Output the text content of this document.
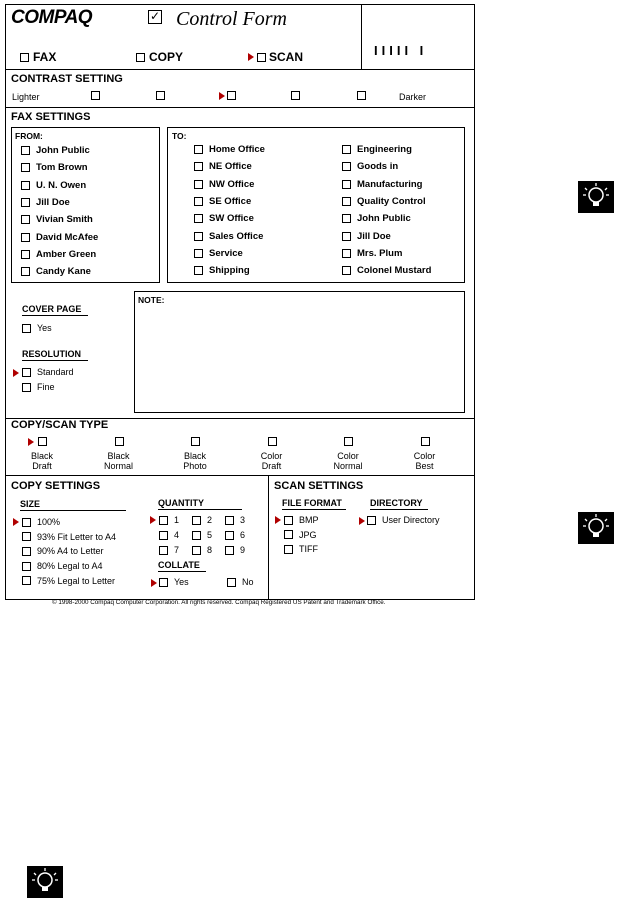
COMPAQ	✓ Control Form
IIIII I
FAX	COPY	SCAN
CONTRAST SETTING
Lighter	Darker
FAX SETTINGS
FROM:
John Public
Tom Brown
U. N. Owen
Jill Doe
Vivian Smith
David McAfee
Amber Green
Candy Kane
TO:
Home Office
NE Office
NW Office
SE Office
SW Office
Sales Office
Service
Shipping
Engineering
Goods in
Manufacturing
Quality Control
John Public
Jill Doe
Mrs. Plum
Colonel Mustard
COVER PAGE
Yes
RESOLUTION
Standard
Fine
NOTE:
COPY/SCAN TYPE
Black
Draft
Black
Normal
Black
Photo
Color
Draft
Color
Normal
Color
Best
COPY SETTINGS
SIZE
100%
93% Fit Letter to A4
90% A4 to Letter
80% Legal to A4
75% Legal to Letter
QUANTITY
1	2	3
4	5	6
7	8	9
COLLATE
Yes	No
SCAN SETTINGS
FILE FORMAT
BMP
JPG
TIFF
DIRECTORY
User Directory
© 1998-2000 Compaq Computer Corporation. All rights reserved. Compaq Registered US Patent and Trademark Office.
